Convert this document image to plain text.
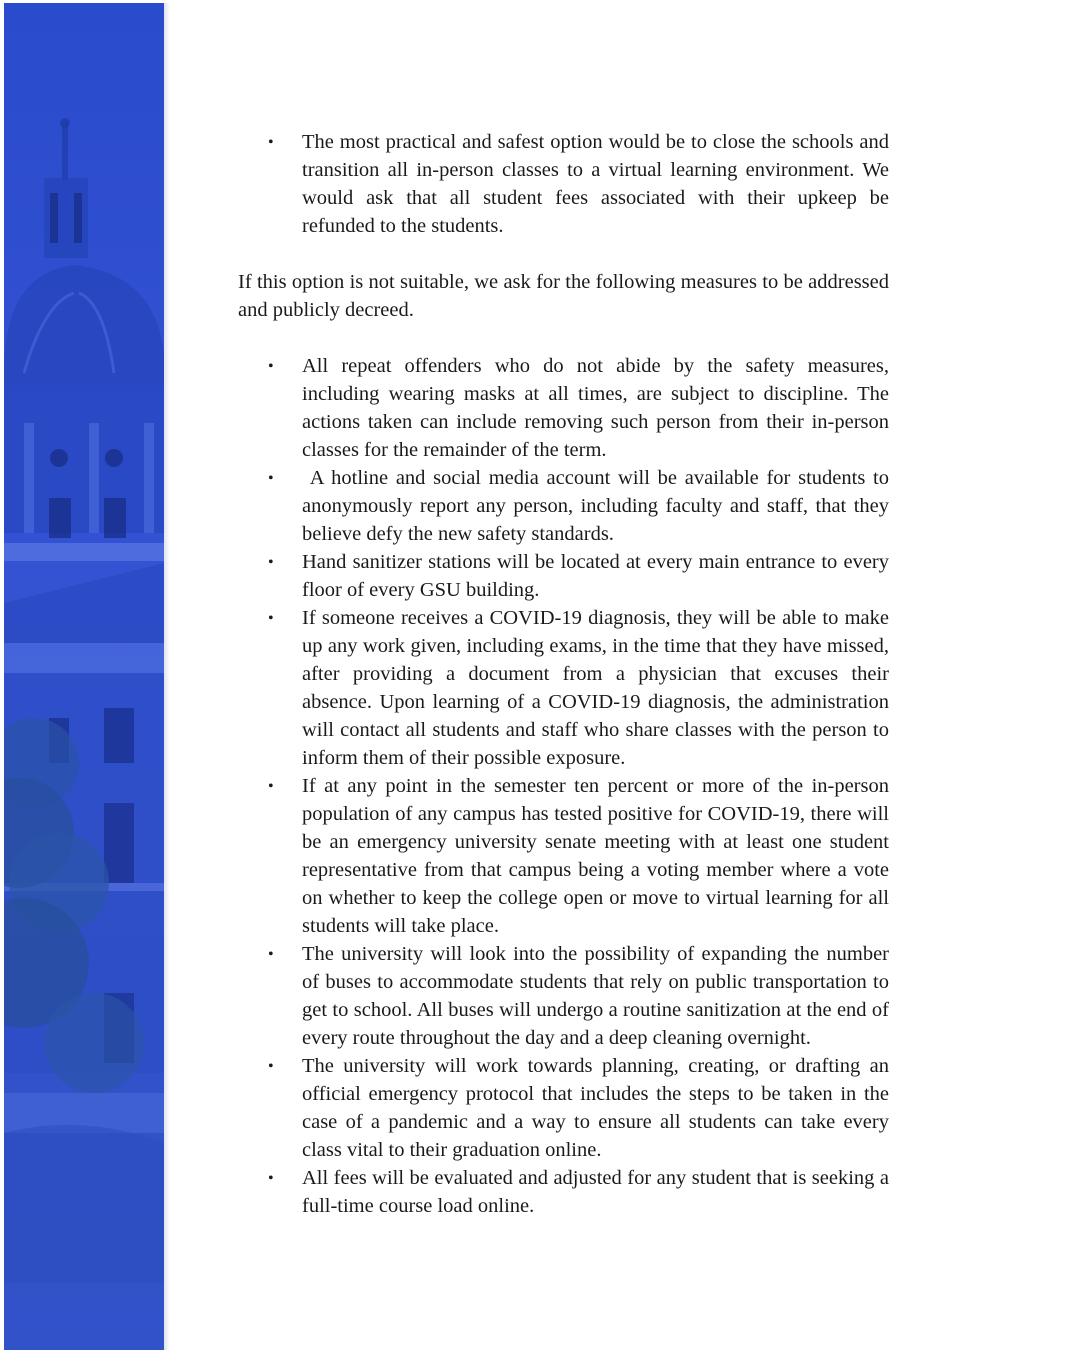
• The most practical and safest option would be to close the schools and transition all in-person classes to a virtual learning environment. We would ask that all student fees associated with their upkeep be refunded to the students.

If this option is not suitable, we ask for the following measures to be addressed and publicly decreed.

• All repeat offenders who do not abide by the safety measures, including wearing masks at all times, are subject to discipline. The actions taken can include removing such person from their in-person classes for the remainder of the term.
• A hotline and social media account will be available for students to anonymously report any person, including faculty and staff, that they believe defy the new safety standards.
• Hand sanitizer stations will be located at every main entrance to every floor of every GSU building.
• If someone receives a COVID-19 diagnosis, they will be able to make up any work given, including exams, in the time that they have missed, after providing a document from a physician that excuses their absence. Upon learning of a COVID-19 diagnosis, the administration will contact all students and staff who share classes with the person to inform them of their possible exposure.
• If at any point in the semester ten percent or more of the in-person population of any campus has tested positive for COVID-19, there will be an emergency university senate meeting with at least one student representative from that campus being a voting member where a vote on whether to keep the college open or move to virtual learning for all students will take place.
• The university will look into the possibility of expanding the number of buses to accommodate students that rely on public transportation to get to school. All buses will undergo a routine sanitization at the end of every route throughout the day and a deep cleaning overnight.
• The university will work towards planning, creating, or drafting an official emergency protocol that includes the steps to be taken in the case of a pandemic and a way to ensure all students can take every class vital to their graduation online.
• All fees will be evaluated and adjusted for any student that is seeking a full-time course load online.
